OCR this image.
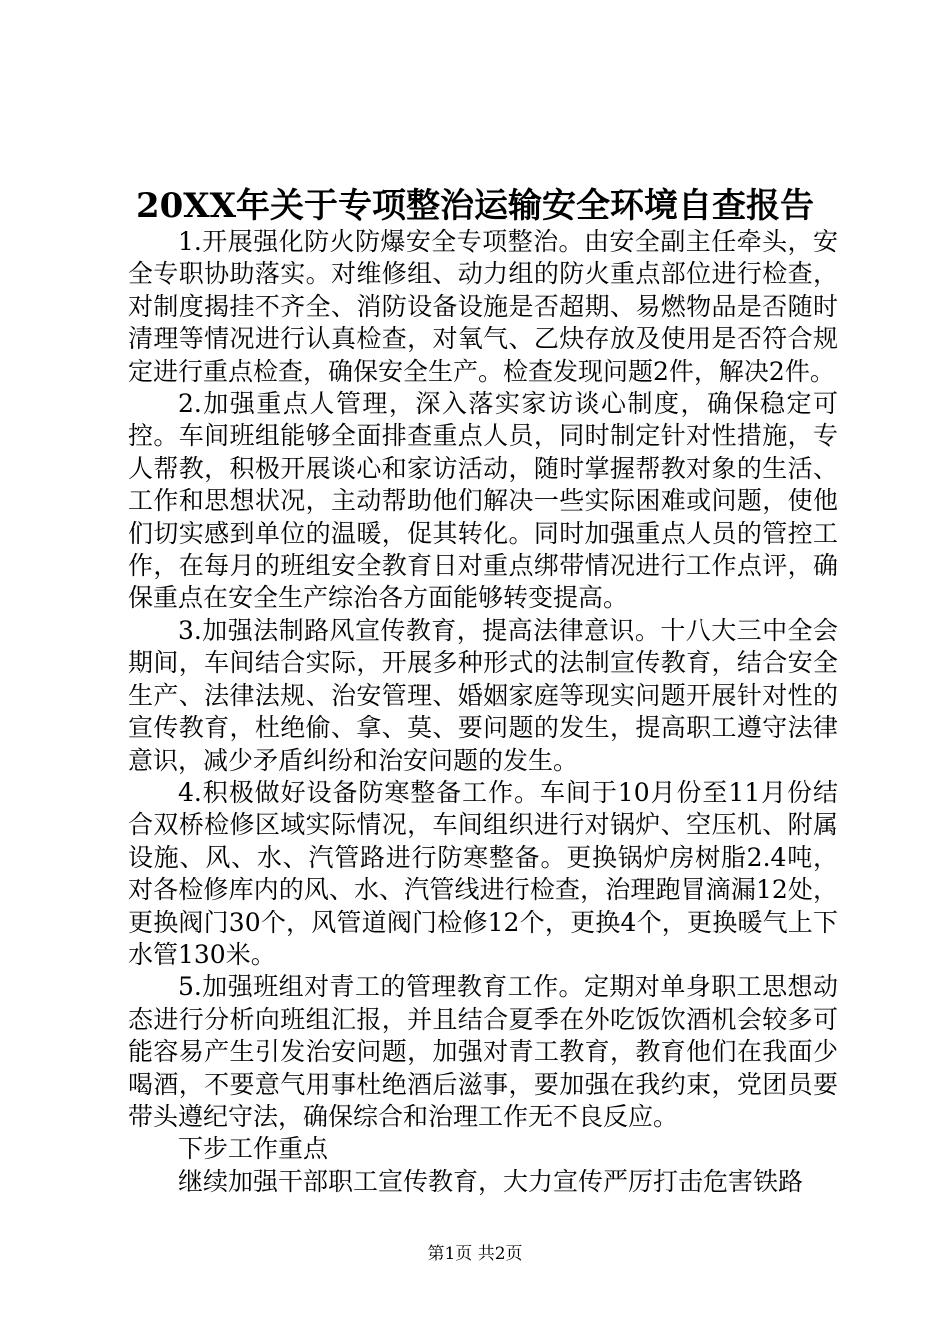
20XX年关于专项整治运输安全环境自查报告

1.开展强化防火防爆安全专项整治。由安全副主任牵头，安全专职协助落实。对维修组、动力组的防火重点部位进行检查，对制度揭挂不齐全、消防设备设施是否超期、易燃物品是否随时清理等情况进行认真检查，对氧气、乙炔存放及使用是否符合规定进行重点检查，确保安全生产。检查发现问题2件，解决2件。

2.加强重点人管理，深入落实家访谈心制度，确保稳定可控。车间班组能够全面排查重点人员，同时制定针对性措施，专人帮教，积极开展谈心和家访活动，随时掌握帮教对象的生活、工作和思想状况，主动帮助他们解决一些实际困难或问题，使他们切实感到单位的温暖，促其转化。同时加强重点人员的管控工作，在每月的班组安全教育日对重点绑带情况进行工作点评，确保重点在安全生产综治各方面能够转变提高。

3.加强法制路风宣传教育，提高法律意识。十八大三中全会期间，车间结合实际，开展多种形式的法制宣传教育，结合安全生产、法律法规、治安管理、婚姻家庭等现实问题开展针对性的宣传教育，杜绝偷、拿、莫、要问题的发生，提高职工遵守法律意识，减少矛盾纠纷和治安问题的发生。

4.积极做好设备防寒整备工作。车间于10月份至11月份结合双桥检修区域实际情况，车间组织进行对锅炉、空压机、附属设施、风、水、汽管路进行防寒整备。更换锅炉房树脂2.4吨，对各检修库内的风、水、汽管线进行检查，治理跑冒滴漏12处，更换阀门30个，风管道阀门检修12个，更换4个，更换暖气上下水管130米。

5.加强班组对青工的管理教育工作。定期对单身职工思想动态进行分析向班组汇报，并且结合夏季在外吃饭饮酒机会较多可能容易产生引发治安问题，加强对青工教育，教育他们在我面少喝酒，不要意气用事杜绝酒后滋事，要加强在我约束，党团员要带头遵纪守法，确保综合和治理工作无不良反应。

下步工作重点

继续加强干部职工宣传教育，大力宣传严厉打击危害铁路

第1页 共2页
